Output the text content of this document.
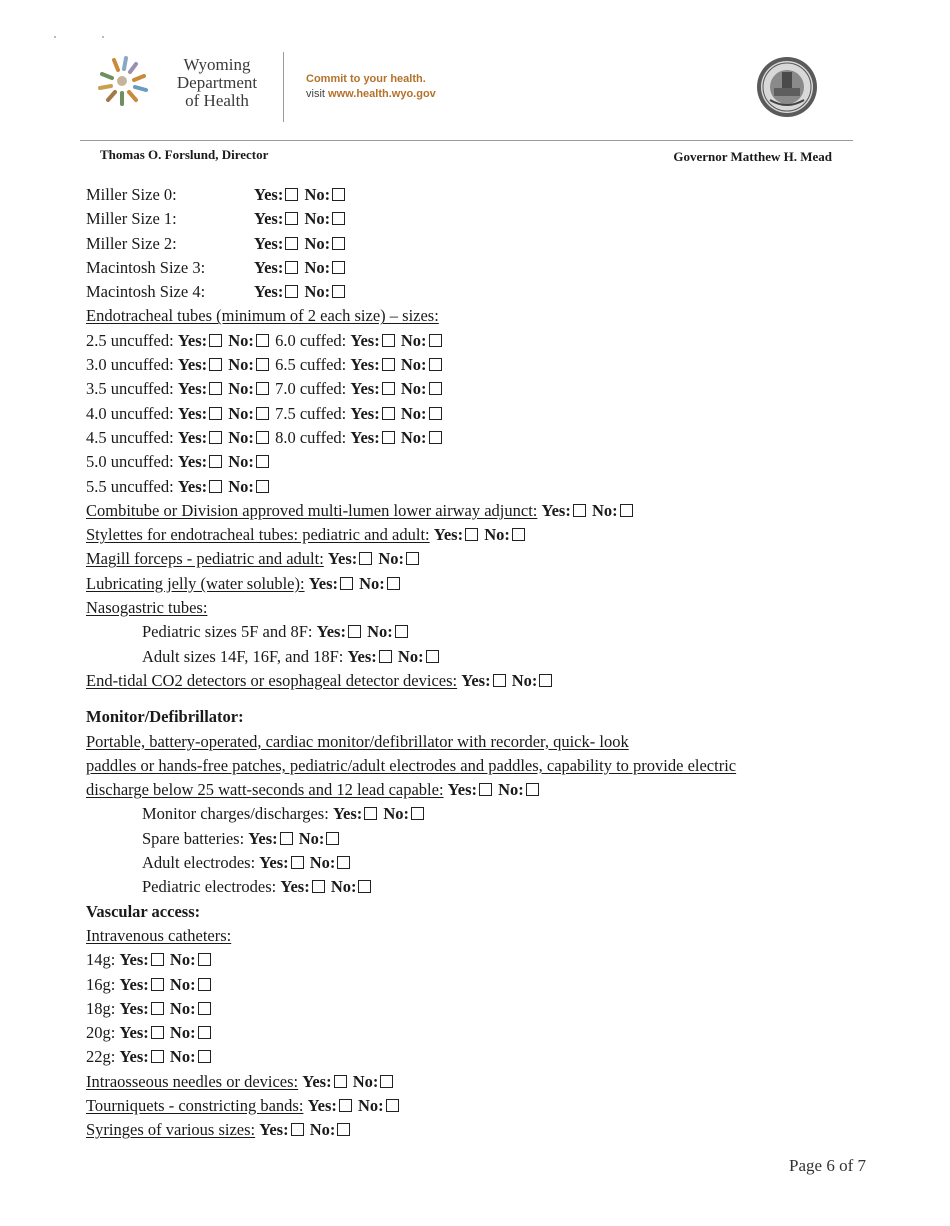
Wyoming
Department
of Health
Commit to your health.
visit www.health.wyo.gov
Thomas O. Forslund, Director	Governor Matthew H. Mead
Miller Size 0:	Yes: No:
Miller Size 1:	Yes: No:
Miller Size 2:	Yes: No:
Macintosh Size 3:	Yes: No:
Macintosh Size 4:	Yes: No:
Endotracheal tubes (minimum of 2 each size) – sizes:
2.5 uncuffed: Yes: No: 6.0 cuffed: Yes: No:
3.0 uncuffed: Yes: No: 6.5 cuffed: Yes: No:
3.5 uncuffed: Yes: No: 7.0 cuffed: Yes: No:
4.0 uncuffed: Yes: No: 7.5 cuffed: Yes: No:
4.5 uncuffed: Yes: No: 8.0 cuffed: Yes: No:
5.0 uncuffed: Yes: No:
5.5 uncuffed: Yes: No:
Combitube or Division approved multi-lumen lower airway adjunct: Yes: No:
Stylettes for endotracheal tubes: pediatric and adult: Yes: No:
Magill forceps - pediatric and adult: Yes: No:
Lubricating jelly (water soluble): Yes: No:
Nasogastric tubes:
Pediatric sizes 5F and 8F: Yes: No:
Adult sizes 14F, 16F, and 18F: Yes: No:
End-tidal CO2 detectors or esophageal detector devices: Yes: No:
Monitor/Defibrillator:
Portable, battery-operated, cardiac monitor/defibrillator with recorder, quick- look
paddles or hands-free patches, pediatric/adult electrodes and paddles, capability to provide electric
discharge below 25 watt-seconds and 12 lead capable: Yes: No:
Monitor charges/discharges: Yes: No:
Spare batteries: Yes: No:
Adult electrodes: Yes: No:
Pediatric electrodes: Yes: No:
Vascular access:
Intravenous catheters:
14g: Yes: No:
16g: Yes: No:
18g: Yes: No:
20g: Yes: No:
22g: Yes: No:
Intraosseous needles or devices: Yes: No:
Tourniquets - constricting bands: Yes: No:
Syringes of various sizes: Yes: No:
Page 6 of 7
